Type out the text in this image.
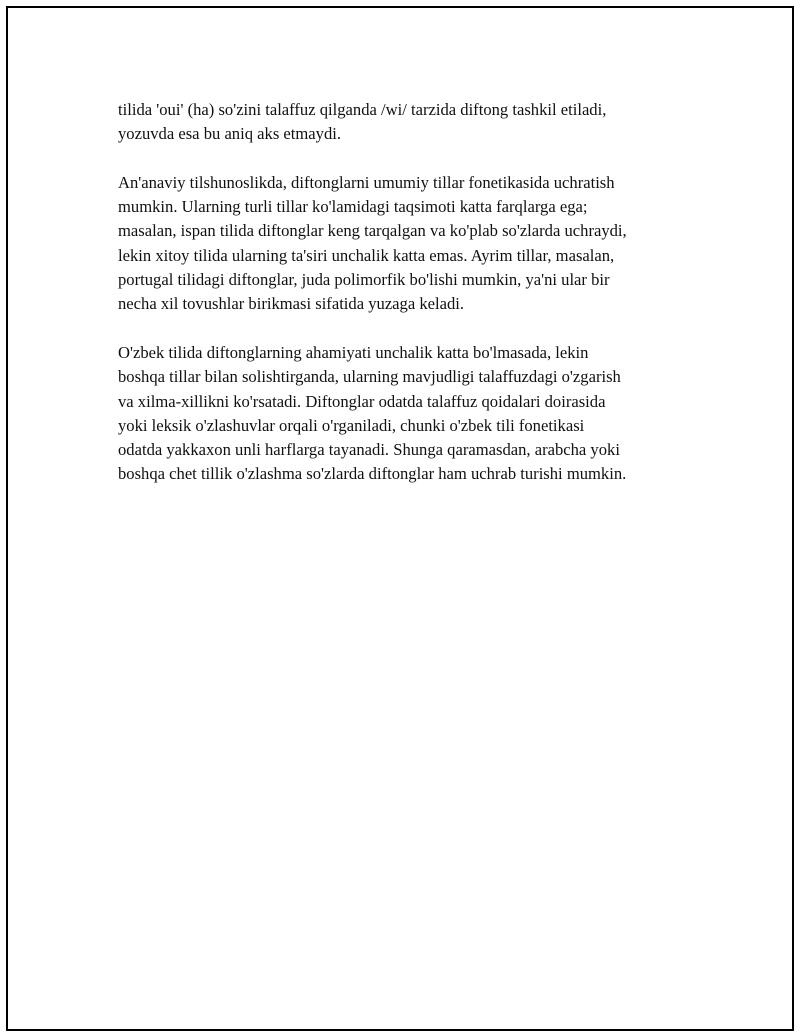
tilida 'oui' (ha) so'zini talaffuz qilganda /wi/ tarzida diftong tashkil etiladi,
yozuvda esa bu aniq aks etmaydi.

An'anaviy tilshunoslikda, diftonglarni umumiy tillar fonetikasida uchratish
mumkin. Ularning turli tillar ko'lamidagi taqsimoti katta farqlarga ega;
masalan, ispan tilida diftonglar keng tarqalgan va ko'plab so'zlarda uchraydi,
lekin xitoy tilida ularning ta'siri unchalik katta emas. Ayrim tillar, masalan,
portugal tilidagi diftonglar, juda polimorfik bo'lishi mumkin, ya'ni ular bir
necha xil tovushlar birikmasi sifatida yuzaga keladi.

O'zbek tilida diftonglarning ahamiyati unchalik katta bo'lmasada, lekin
boshqa tillar bilan solishtirganda, ularning mavjudligi talaffuzdagi o'zgarish
va xilma-xillikni ko'rsatadi. Diftonglar odatda talaffuz qoidalari doirasida
yoki leksik o'zlashuvlar orqali o'rganiladi, chunki o'zbek tili fonetikasi
odatda yakkaxon unli harflarga tayanadi. Shunga qaramasdan, arabcha yoki
boshqa chet tillik o'zlashma so'zlarda diftonglar ham uchrab turishi mumkin.
